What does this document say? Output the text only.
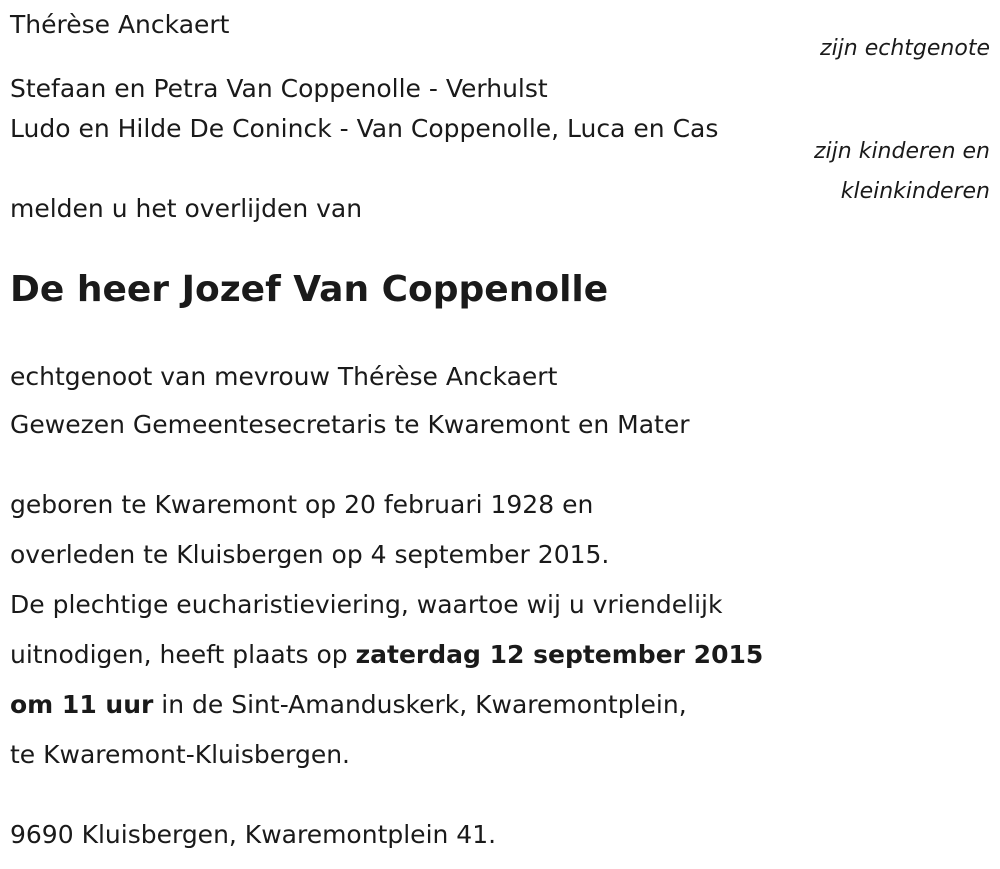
Thérèse Anckaert
zijn echtgenote
Stefaan en Petra Van Coppenolle - Verhulst
Ludo en Hilde De Coninck - Van Coppenolle, Luca en Cas
zijn kinderen en
kleinkinderen
melden u het overlijden van
De heer Jozef Van Coppenolle
echtgenoot van mevrouw Thérèse Anckaert
Gewezen Gemeentesecretaris te Kwaremont en Mater
geboren te Kwaremont op 20 februari 1928 en
overleden te Kluisbergen op 4 september 2015.
De plechtige eucharistieviering, waartoe wij u vriendelijk
uitnodigen, heeft plaats op zaterdag 12 september 2015
om 11 uur in de Sint-Amanduskerk, Kwaremontplein,
te Kwaremont-Kluisbergen.
9690 Kluisbergen, Kwaremontplein 41.
